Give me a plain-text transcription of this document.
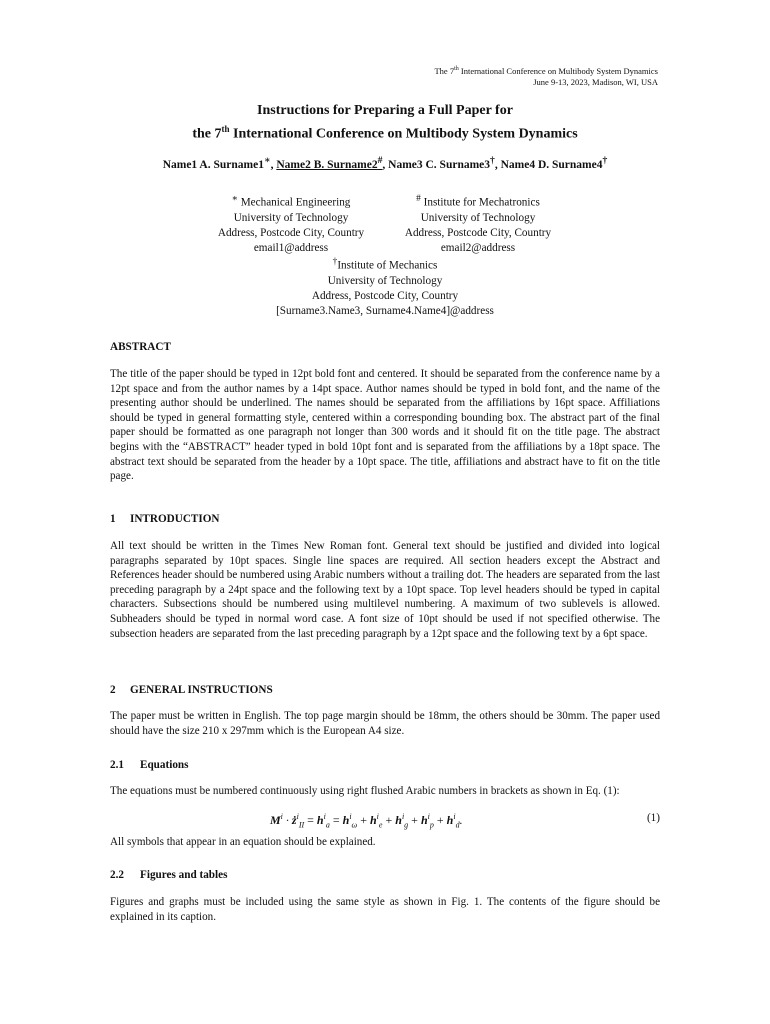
The 7th International Conference on Multibody System Dynamics
June 9-13, 2023, Madison, WI, USA
Instructions for Preparing a Full Paper for
the 7th International Conference on Multibody System Dynamics
Name1 A. Surname1∗, Name2 B. Surname2#, Name3 C. Surname3†, Name4 D. Surname4†
∗ Mechanical Engineering
University of Technology
Address, Postcode City, Country
email1@address
# Institute for Mechatronics
University of Technology
Address, Postcode City, Country
email2@address
†Institute of Mechanics
University of Technology
Address, Postcode City, Country
[Surname3.Name3, Surname4.Name4]@address
ABSTRACT
The title of the paper should be typed in 12pt bold font and centered. It should be separated from the conference name by a 12pt space and from the author names by a 14pt space. Author names should be typed in bold font, and the name of the presenting author should be underlined. The names should be separated from the affiliations by 16pt space. Affiliations should be typed in general formatting style, centered within a corresponding bounding box. The abstract part of the final paper should be formatted as one paragraph not longer than 300 words and it should fit on the title page. The abstract begins with the “ABSTRACT” header typed in bold 10pt font and is separated from the affiliations by a 18pt space. The abstract text should be separated from the header by a 10pt space. The title, affiliations and abstract have to fit on the title page.
1 INTRODUCTION
All text should be written in the Times New Roman font. General text should be justified and divided into logical paragraphs separated by 10pt spaces. Single line spaces are required. All section headers except the Abstract and References header should be numbered using Arabic numbers without a trailing dot. The headers are separated from the last preceding paragraph by a 24pt space and the following text by a 10pt space. Top level headers should be typed in capital characters. Subsections should be numbered using multilevel numbering. A maximum of two sublevels is allowed. Subheaders should be typed in normal word case. A font size of 10pt should be used if not specified otherwise. The subsection headers are separated from the last preceding paragraph by a 12pt space and the following text by a 6pt space.
2 GENERAL INSTRUCTIONS
The paper must be written in English. The top page margin should be 18mm, the others should be 30mm. The paper used should have the size 210 x 297mm which is the European A4 size.
2.1 Equations
The equations must be numbered continuously using right flushed Arabic numbers in brackets as shown in Eq. (1):
$M^i$ · $ż^i_{II} = h^i_a = h^i_\omega + h^i_e + h^i_g + h^i_p + h^i_d$.	(1)
All symbols that appear in an equation should be explained.
2.2 Figures and tables
Figures and graphs must be included using the same style as shown in Fig. 1. The contents of the figure should be explained in its caption.
